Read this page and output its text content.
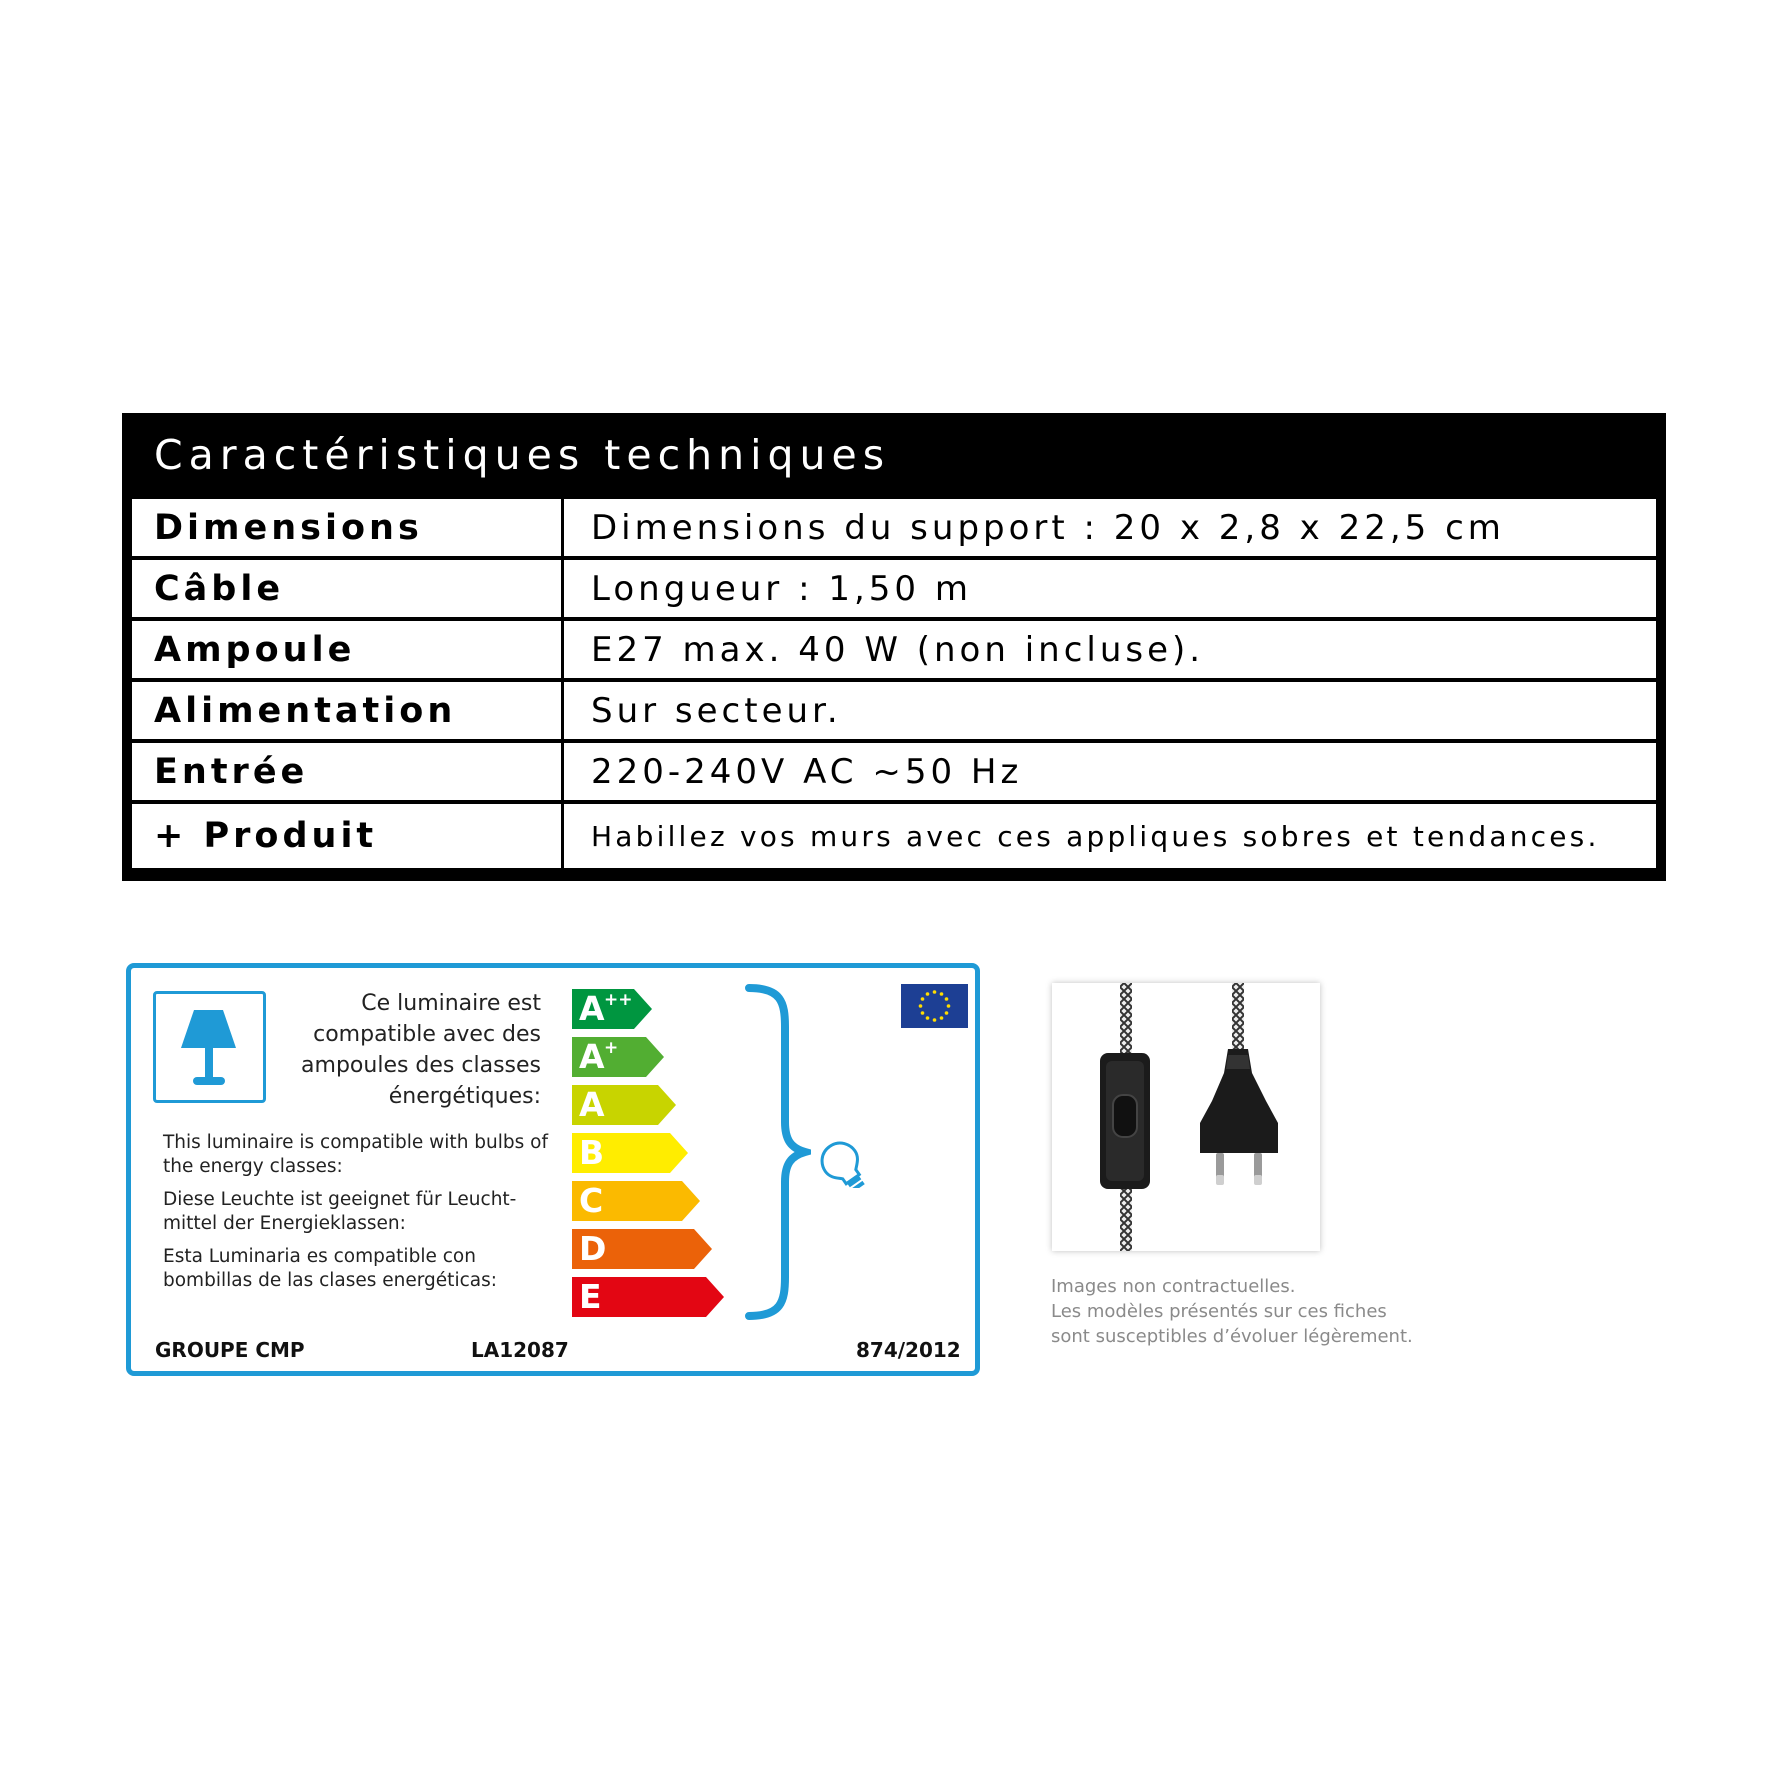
Caractéristiques techniques
Dimensions	Dimensions du support : 20 x 2,8 x 22,5 cm
Câble	Longueur : 1,50 m
Ampoule	E27 max. 40 W (non incluse).
Alimentation	Sur secteur.
Entrée	220-240V AC ~50 Hz
+ Produit	Habillez vos murs avec ces appliques sobres et tendances.
Ce luminaire est compatible avec des ampoules des classes énergétiques:
This luminaire is compatible with bulbs of the energy classes:
Diese Leuchte ist geeignet für Leucht-mittel der Energieklassen:
Esta Luminaria es compatible con bombillas de las clases energéticas:
A ++
A +
A
B
C
D
E
GROUPE CMP	LA12087	874/2012
Images non contractuelles.
Les modèles présentés sur ces fiches
sont susceptibles d’évoluer légèrement.
